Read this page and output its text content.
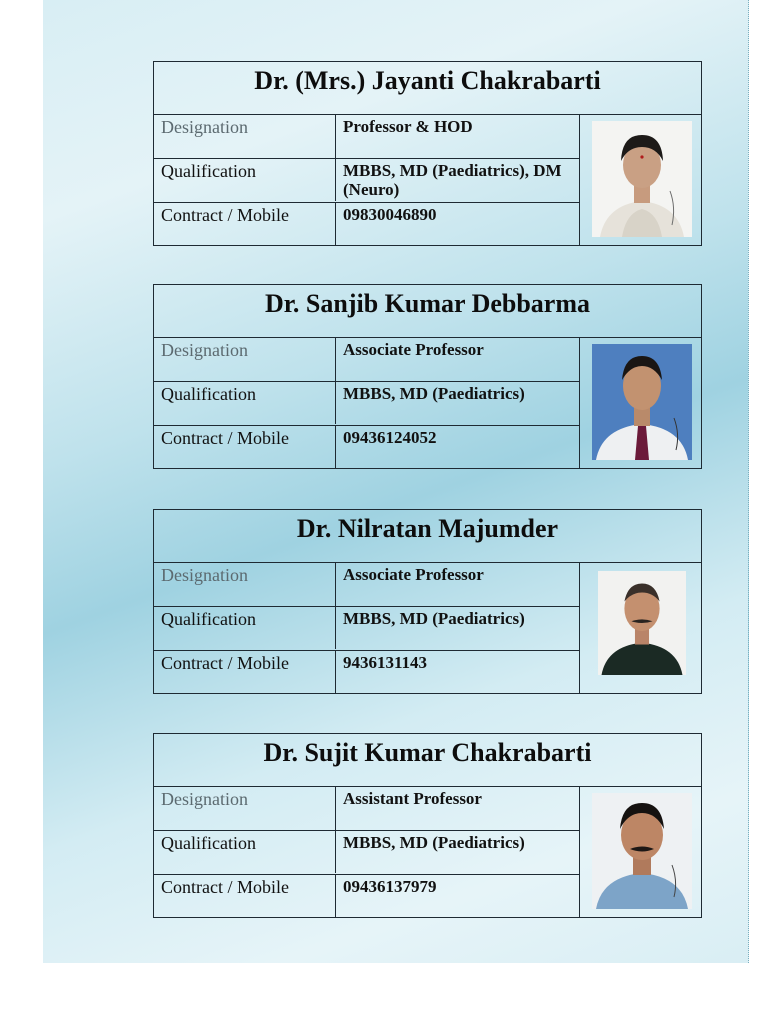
Dr. (Mrs.) Jayanti Chakrabarti
Designation	Professor & HOD
Qualification	MBBS, MD (Paediatrics), DM (Neuro)
Contract / Mobile	09830046890
Dr. Sanjib Kumar Debbarma
Designation	Associate Professor
Qualification	MBBS, MD (Paediatrics)
Contract / Mobile	09436124052
Dr. Nilratan Majumder
Designation	Associate Professor
Qualification	MBBS, MD (Paediatrics)
Contract / Mobile	9436131143
Dr. Sujit Kumar Chakrabarti
Designation	Assistant Professor
Qualification	MBBS, MD (Paediatrics)
Contract / Mobile	09436137979
